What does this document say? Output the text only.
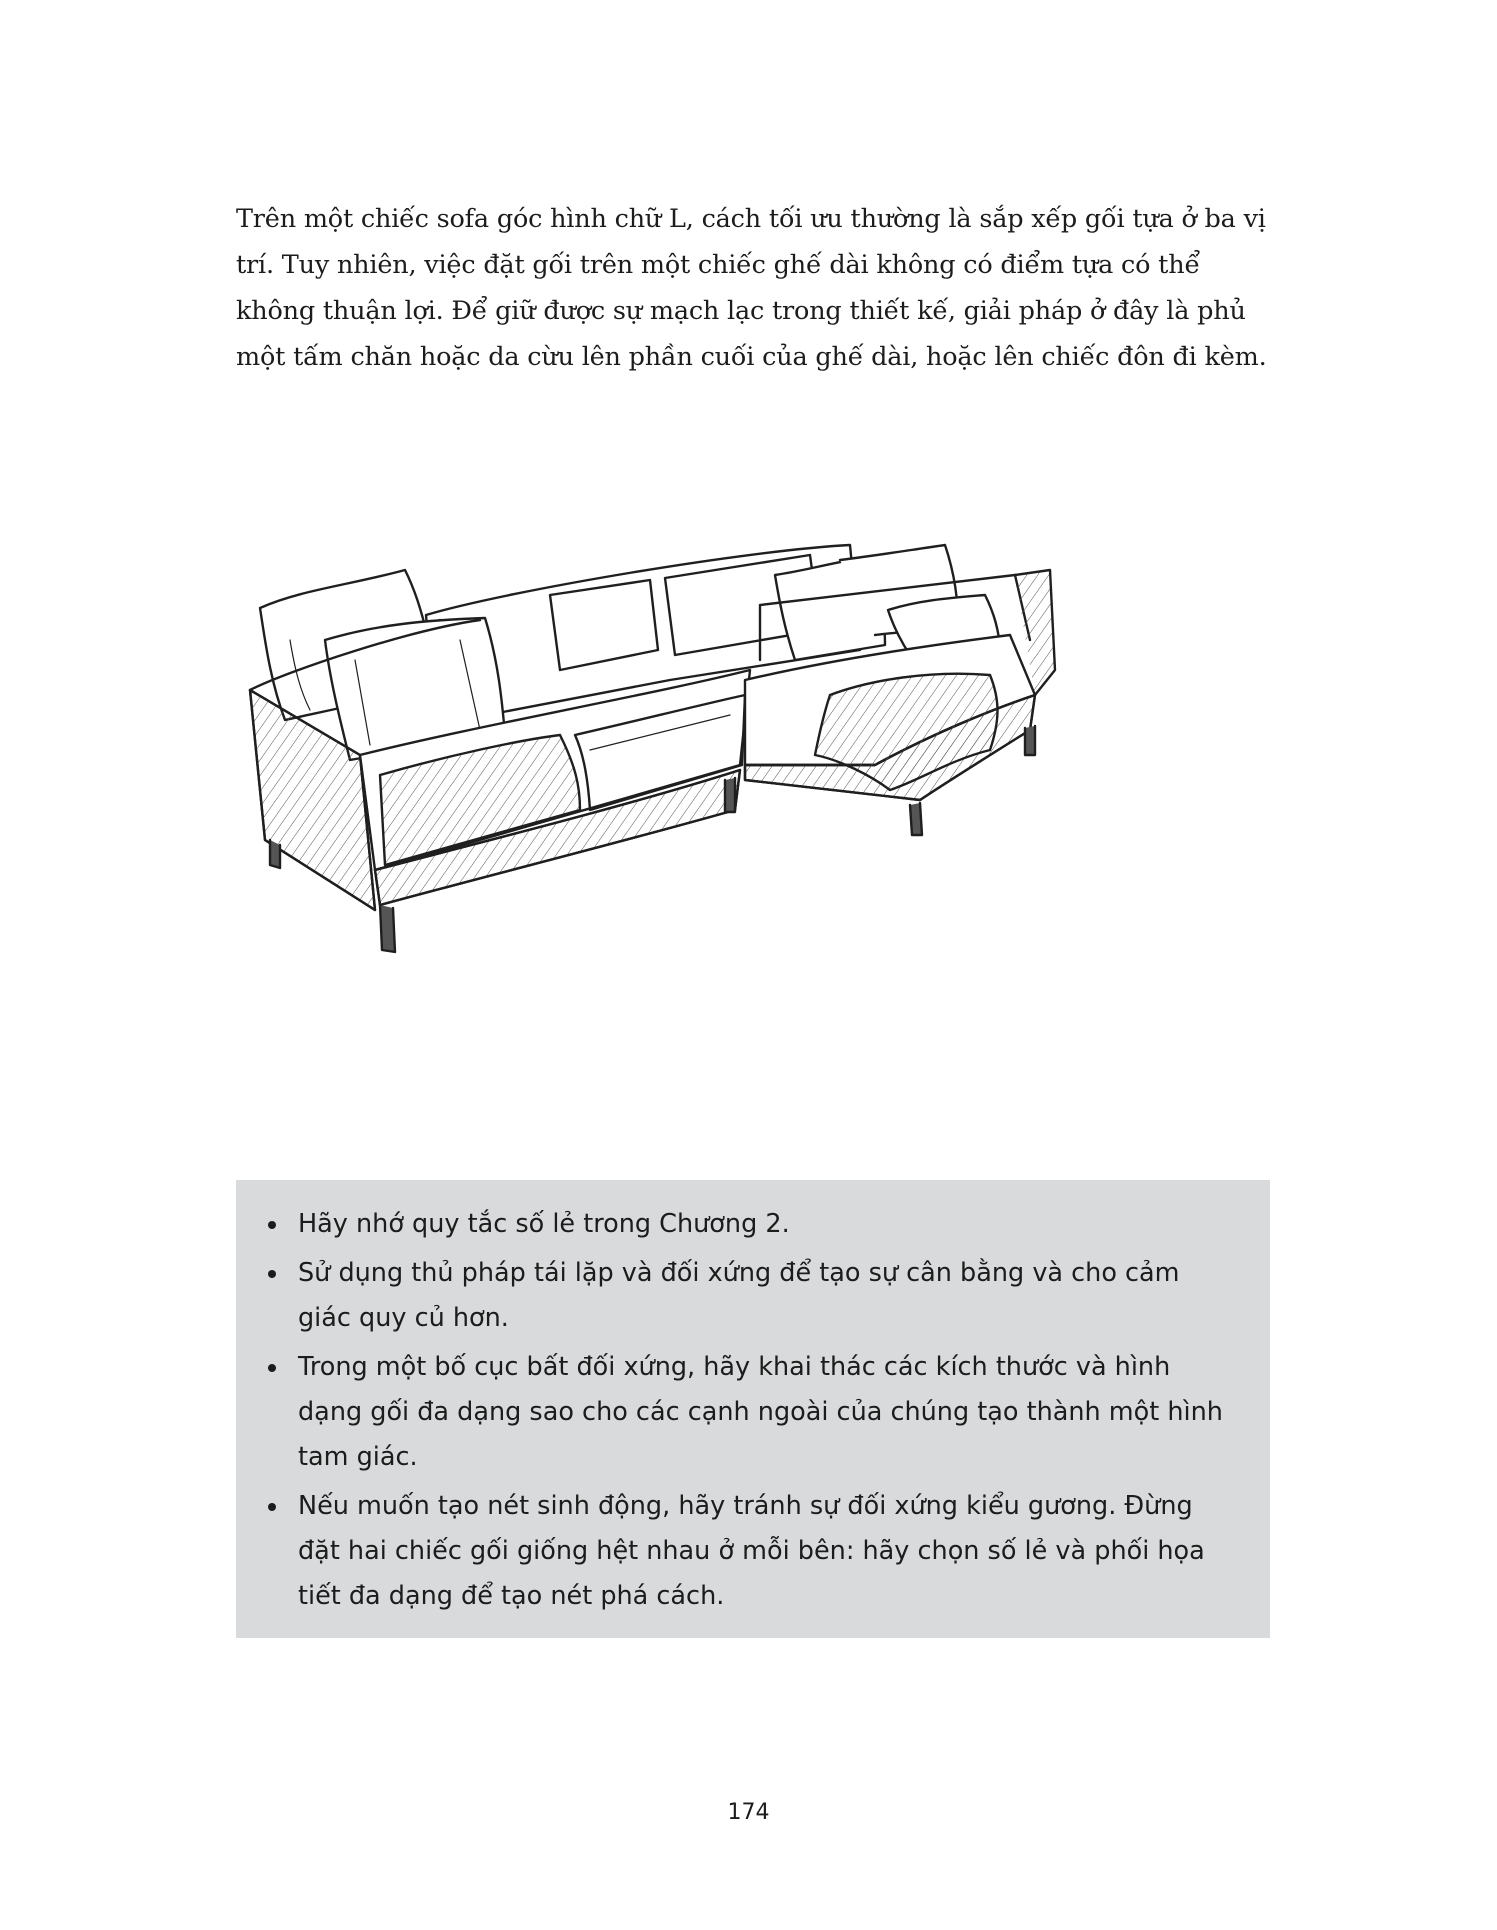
Trên một chiếc sofa góc hình chữ L, cách tối ưu thường là sắp xếp gối tựa ở ba vị trí. Tuy nhiên, việc đặt gối trên một chiếc ghế dài không có điểm tựa có thể không thuận lợi. Để giữ được sự mạch lạc trong thiết kế, giải pháp ở đây là phủ một tấm chăn hoặc da cừu lên phần cuối của ghế dài, hoặc lên chiếc đôn đi kèm.

Hãy nhớ quy tắc số lẻ trong Chương 2.
Sử dụng thủ pháp tái lặp và đối xứng để tạo sự cân bằng và cho cảm giác quy củ hơn.
Trong một bố cục bất đối xứng, hãy khai thác các kích thước và hình dạng gối đa dạng sao cho các cạnh ngoài của chúng tạo thành một hình tam giác.
Nếu muốn tạo nét sinh động, hãy tránh sự đối xứng kiểu gương. Đừng đặt hai chiếc gối giống hệt nhau ở mỗi bên: hãy chọn số lẻ và phối họa tiết đa dạng để tạo nét phá cách.
174
